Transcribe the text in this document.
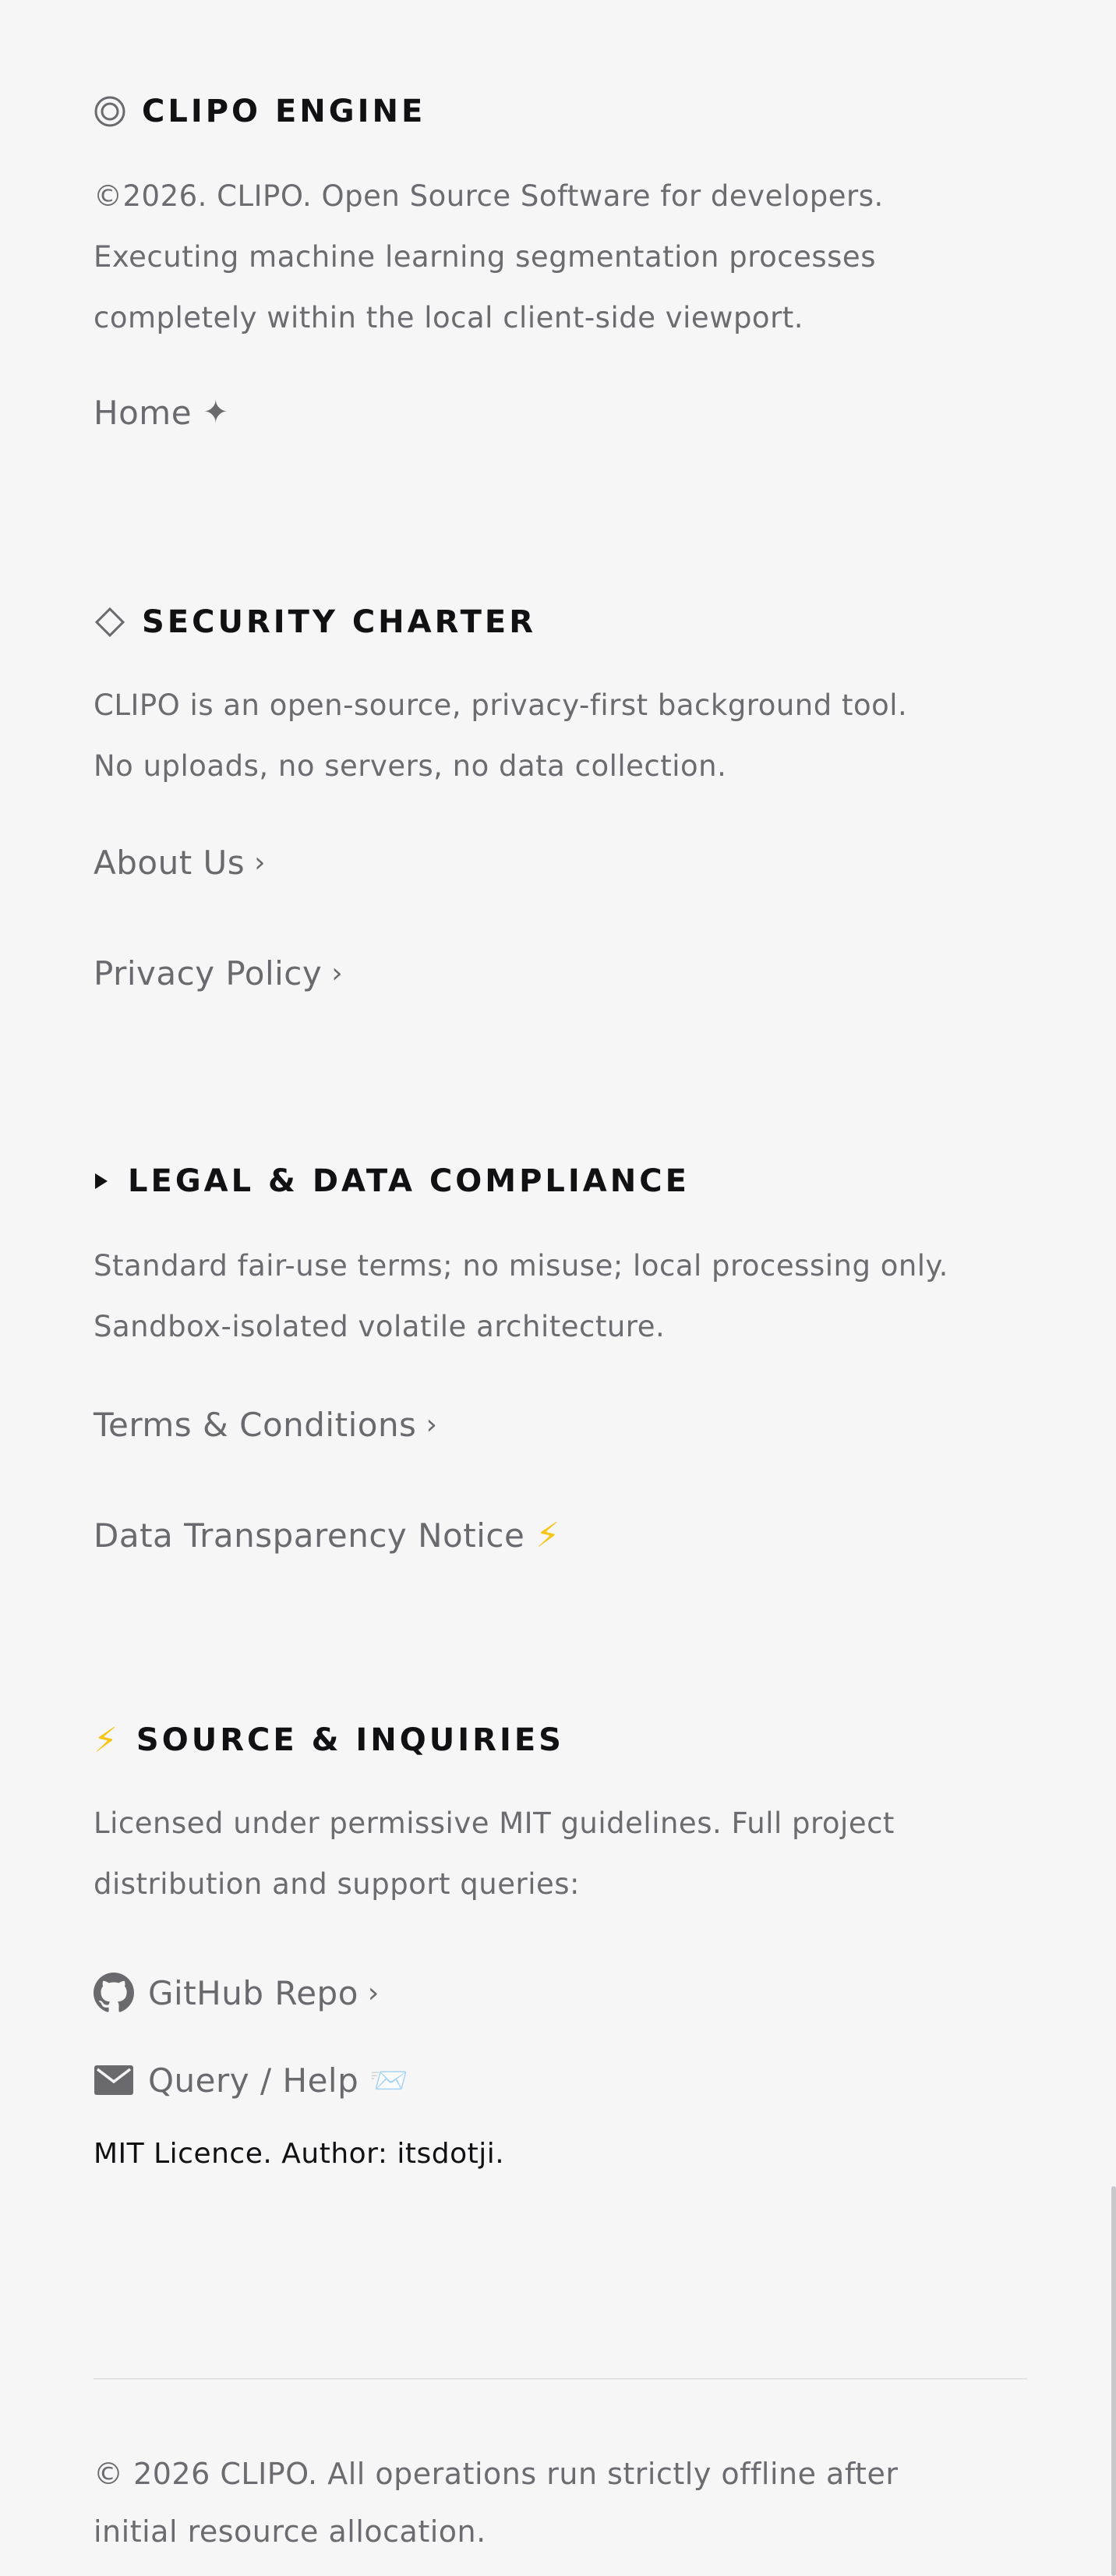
CLIPO ENGINE
©2026. CLIPO. Open Source Software for developers.
Executing machine learning segmentation processes
completely within the local client-side viewport.
Home ✦
SECURITY CHARTER
CLIPO is an open-source, privacy-first background tool.
No uploads, no servers, no data collection.
About Us ›
Privacy Policy ›
LEGAL & DATA COMPLIANCE
Standard fair-use terms; no misuse; local processing only.
Sandbox-isolated volatile architecture.
Terms & Conditions ›
Data Transparency Notice ⚡
⚡ SOURCE & INQUIRIES
Licensed under permissive MIT guidelines. Full project
distribution and support queries:
GitHub Repo ›
Query / Help 📨
MIT Licence. Author: itsdotji.
© 2026 CLIPO. All operations run strictly offline after
initial resource allocation.
